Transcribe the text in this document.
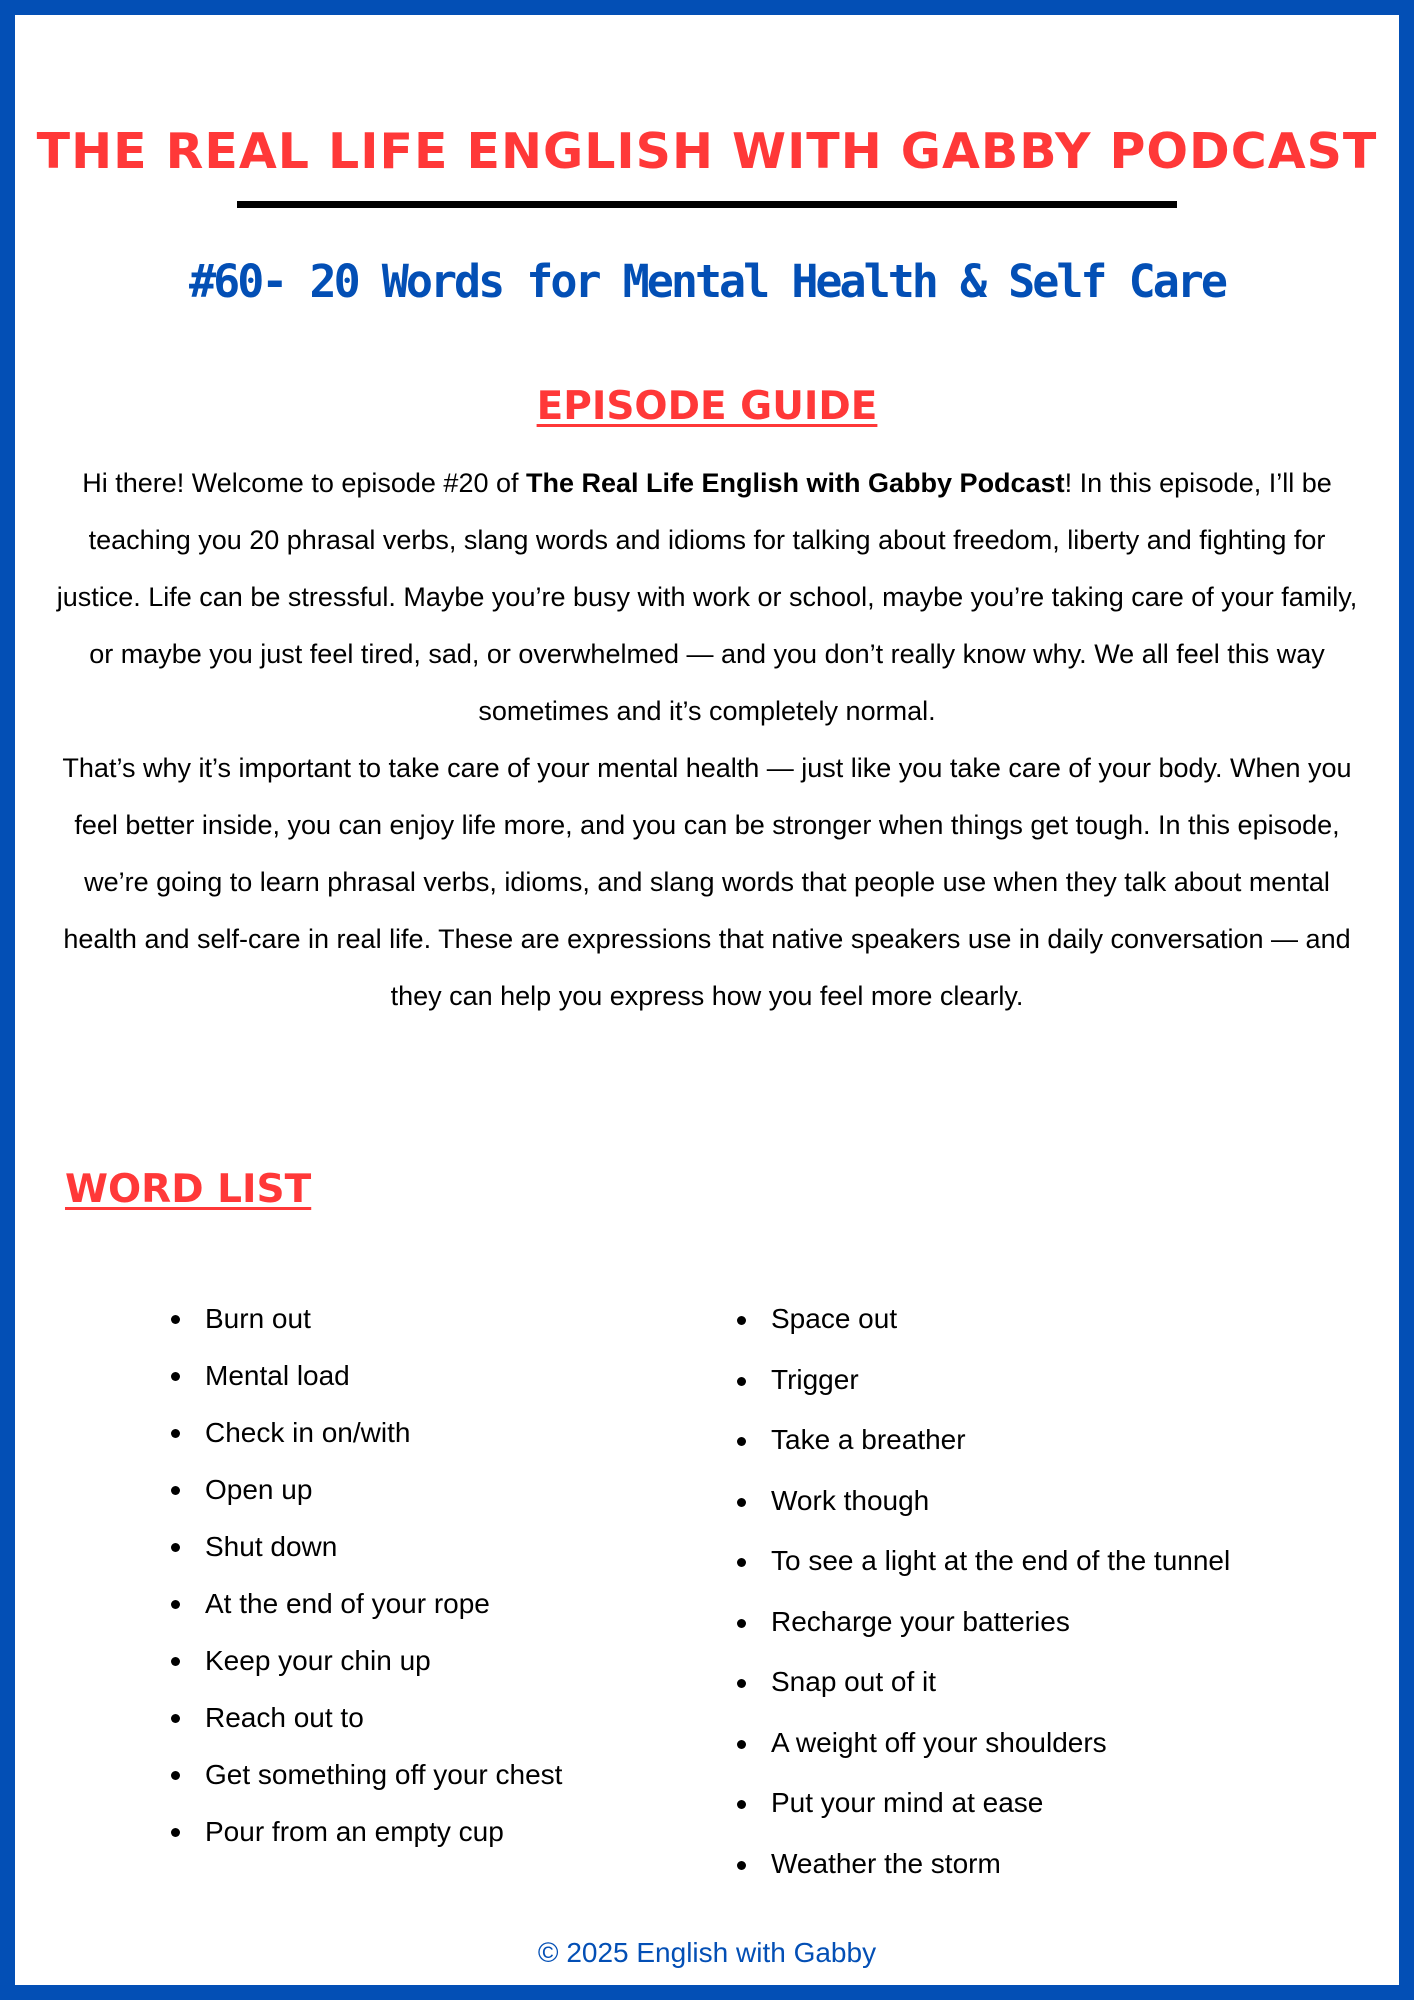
THE REAL LIFE ENGLISH WITH GABBY PODCAST
#60- 20 Words for Mental Health & Self Care
EPISODE GUIDE

Hi there! Welcome to episode #20 of The Real Life English with Gabby Podcast! In this episode, I’ll be teaching you 20 phrasal verbs, slang words and idioms for talking about freedom, liberty and fighting for justice. Life can be stressful. Maybe you’re busy with work or school, maybe you’re taking care of your family, or maybe you just feel tired, sad, or overwhelmed — and you don’t really know why. We all feel this way sometimes and it’s completely normal.

That’s why it’s important to take care of your mental health — just like you take care of your body. When you feel better inside, you can enjoy life more, and you can be stronger when things get tough. In this episode, we’re going to learn phrasal verbs, idioms, and slang words that people use when they talk about mental health and self-care in real life. These are expressions that native speakers use in daily conversation — and they can help you express how you feel more clearly.

WORD LIST
Burn out
Mental load
Check in on/with
Open up
Shut down
At the end of your rope
Keep your chin up
Reach out to
Get something off your chest
Pour from an empty cup
Space out
Trigger
Take a breather
Work though
To see a light at the end of the tunnel
Recharge your batteries
Snap out of it
A weight off your shoulders
Put your mind at ease
Weather the storm
© 2025 English with Gabby
